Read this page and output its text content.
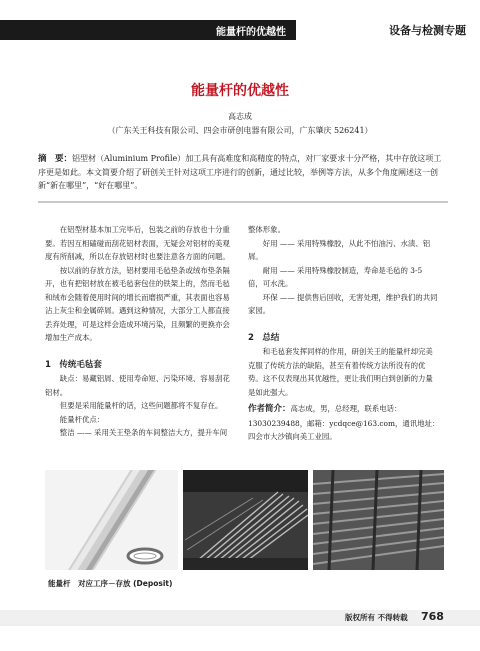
能量杆的优越性	设备与检测专题
能量杆的优越性
高志成
（广东关王科技有限公司、四会市研创电器有限公司，广东肇庆 526241）
摘　要：铝型材（Aluminium Profile）加工具有高难度和高精度的特点，对厂家要求十分严格，其中存放这项工序更是如此。本文简要介绍了研创关王针对这项工序进行的创新，通过比较，举例等方法，从多个角度阐述这一创新“新在哪里”，“好在哪里”。

在铝型材基本加工完毕后，包装之前的存放也十分重要。若因互相磕碰而刮花铝材表面，无疑会对铝材的美观度有所削减，所以在存放铝材时也要注意各方面的问题。

按以前的存放方法，铝材要用毛毡垫条或绒布垫条隔开，也有把铝材放在被毛毡套包住的铁架上的，然而毛毡和绒布会随着使用时间的增长而磨损严重，其表面也容易沾上灰尘和金属碎屑。遇到这种情况，大部分工人都直接丢弃处理，可是这样会造成环境污染，且频繁的更换亦会增加生产成本。

1　传统毛毡套

缺点：易藏铝屑、使用寿命短、污染环境、容易刮花铝材。

但要是采用能量杆的话，这些问题都将不复存在。

能量杆优点：

整洁 —— 采用关王垫条的车间整洁大方，提升车间

整体形象。

好用 —— 采用特殊橡胶，从此不怕油污、水渍、铝屑。

耐用 —— 采用特殊橡胶制造，寿命是毛毡的 3-5 倍，可水洗。

环保 —— 提供售后回收，无害处理，维护我们的共同家园。

2　总结

和毛毡套发挥同样的作用，研创关王的能量杆却完美克服了传统方法的缺陷，甚至有着传统方法所没有的优势。这不仅表现出其优越性，更让我们明白到创新的力量是如此强大。

作者简介：高志成，男，总经理，联系电话：13030239488，邮箱：ycdqce@163.com，通讯地址：四会市大沙镇向美工业园。
能量杆　对应工序－存放 (Deposit)
版权所有 不得转载 768
